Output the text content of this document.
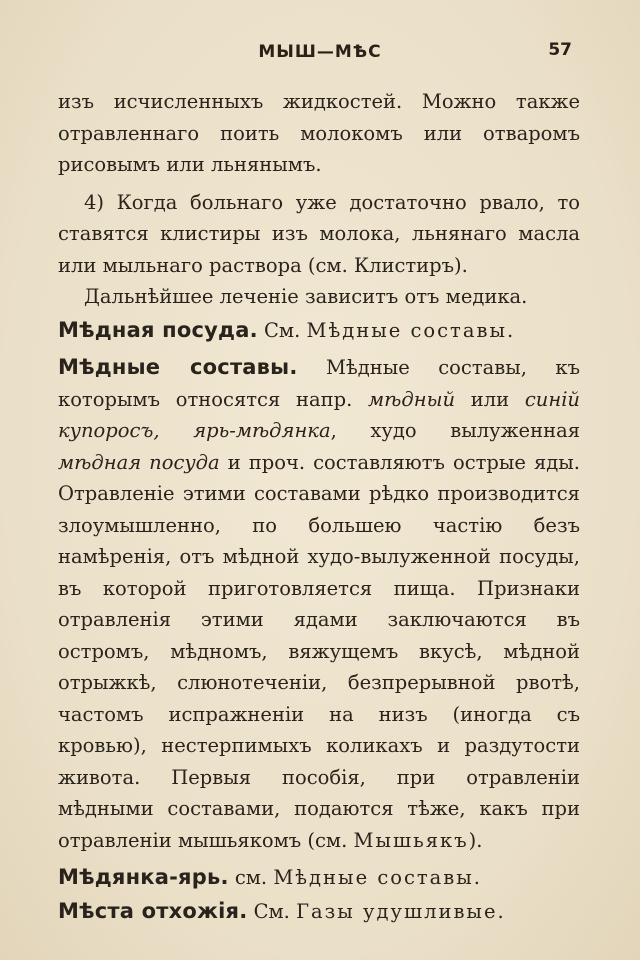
МЫШ—МѢС	57

изъ исчисленныхъ жидкостей. Можно также отравленнаго поить молокомъ или отваромъ рисовымъ или льнянымъ.

4) Когда больнаго уже достаточно рвало, то ставятся клистиры изъ молока, льнянаго масла или мыльнаго раствора (см. Клистиръ).

Дальнѣйшее леченіе зависитъ отъ медика.

Мѣдная посуда. См. Мѣдные составы.

Мѣдные составы. Мѣдные составы, къ которымъ относятся напр. мѣдный или синій купоросъ, ярь-мѣдянка, худо вылуженная мѣдная посуда и проч. составляютъ острые яды. Отравленіе этими составами рѣдко производится злоумышленно, по большею частію безъ намѣренія, отъ мѣдной худо-вылуженной посуды, въ которой приготовляется пища. Признаки отравленія этими ядами заключаются въ остромъ, мѣдномъ, вяжущемъ вкусѣ, мѣдной отрыжкѣ, слюнотеченіи, безпрерывной рвотѣ, частомъ испражненіи на низъ (иногда съ кровью), нестерпимыхъ коликахъ и раздутости живота. Первыя пособія, при отравленіи мѣдными составами, подаются тѣже, какъ при отравленіи мышьякомъ (см. Мышьякъ).

Мѣдянка-ярь. см. Мѣдные составы.

Мѣста отхожія. См. Газы удушливые.
